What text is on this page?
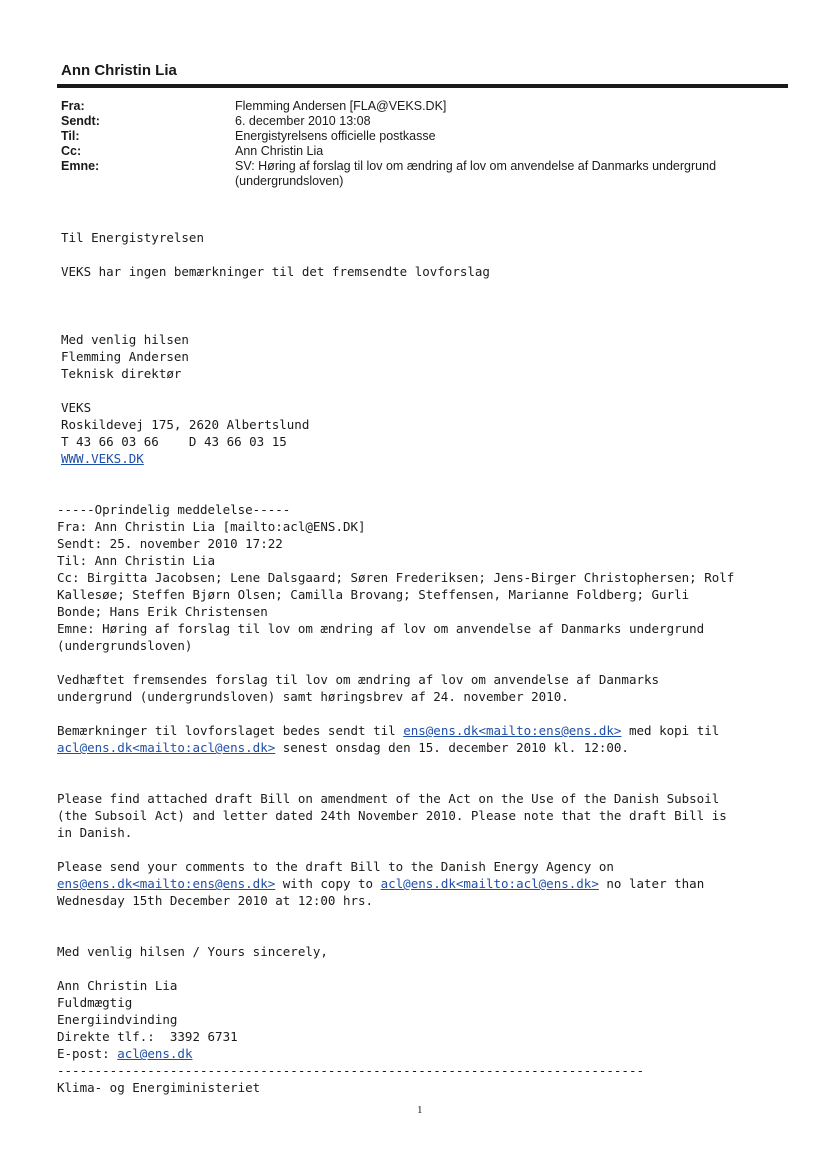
Ann Christin Lia
Fra:	Flemming Andersen [FLA@VEKS.DK]
Sendt:	6. december 2010 13:08
Til:	Energistyrelsens officielle postkasse
Cc:	Ann Christin Lia
Emne:	SV: Høring af forslag til lov om ændring af lov om anvendelse af Danmarks undergrund (undergrundsloven)
Til Energistyrelsen
VEKS har ingen bemærkninger til det fremsendte lovforslag
Med venlig hilsen
Flemming Andersen
Teknisk direktør
VEKS
Roskildevej 175, 2620 Albertslund
T 43 66 03 66    D 43 66 03 15
WWW.VEKS.DK
-----Oprindelig meddelelse-----
Fra: Ann Christin Lia [mailto:acl@ENS.DK]
Sendt: 25. november 2010 17:22
Til: Ann Christin Lia
Cc: Birgitta Jacobsen; Lene Dalsgaard; Søren Frederiksen; Jens-Birger Christophersen; Rolf
Kallesøe; Steffen Bjørn Olsen; Camilla Brovang; Steffensen, Marianne Foldberg; Gurli
Bonde; Hans Erik Christensen
Emne: Høring af forslag til lov om ændring af lov om anvendelse af Danmarks undergrund
(undergrundsloven)
Vedhæftet fremsendes forslag til lov om ændring af lov om anvendelse af Danmarks
undergrund (undergrundsloven) samt høringsbrev af 24. november 2010.
Bemærkninger til lovforslaget bedes sendt til ens@ens.dk<mailto:ens@ens.dk> med kopi til
acl@ens.dk<mailto:acl@ens.dk> senest onsdag den 15. december 2010 kl. 12:00.
Please find attached draft Bill on amendment of the Act on the Use of the Danish Subsoil
(the Subsoil Act) and letter dated 24th November 2010. Please note that the draft Bill is
in Danish.
Please send your comments to the draft Bill to the Danish Energy Agency on
ens@ens.dk<mailto:ens@ens.dk> with copy to acl@ens.dk<mailto:acl@ens.dk> no later than
Wednesday 15th December 2010 at 12:00 hrs.
Med venlig hilsen / Yours sincerely,
Ann Christin Lia
Fuldmægtig
Energiindvinding
Direkte tlf.:  3392 6731
E-post: acl@ens.dk
------------------------------------------------------------------------------
Klima- og Energiministeriet
1
